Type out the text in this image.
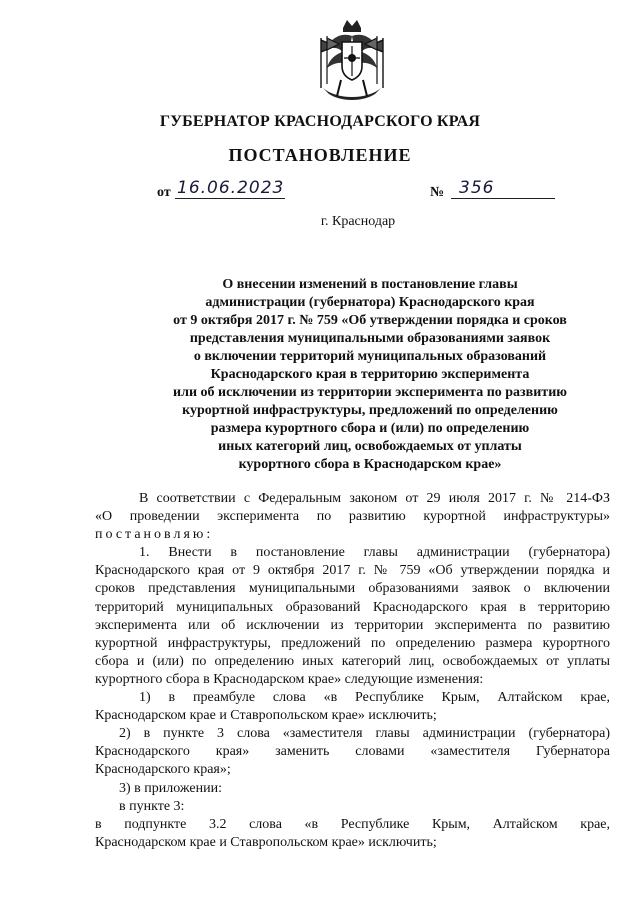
ГУБЕРНАТОР КРАСНОДАРСКОГО КРАЯ
ПОСТАНОВЛЕНИЕ
от 16.06.2023	№ 356
г. Краснодар
О внесении изменений в постановление главы
администрации (губернатора) Краснодарского края
от 9 октября 2017 г. № 759 «Об утверждении порядка и сроков
представления муниципальными образованиями заявок
о включении территорий муниципальных образований
Краснодарского края в территорию эксперимента
или об исключении из территории эксперимента по развитию
курортной инфраструктуры, предложений по определению
размера курортного сбора и (или) по определению
иных категорий лиц, освобождаемых от уплаты
курортного сбора в Краснодарском крае»
В соответствии с Федеральным законом от 29 июля 2017 г. № 214-ФЗ
«О проведении эксперимента по развитию курортной инфраструктуры»
постановляю:
1. Внести в постановление главы администрации (губернатора)
Краснодарского края от 9 октября 2017 г. № 759 «Об утверждении порядка и
сроков представления муниципальными образованиями заявок о включении
территорий муниципальных образований Краснодарского края в территорию
эксперимента или об исключении из территории эксперимента по развитию
курортной инфраструктуры, предложений по определению размера курортного
сбора и (или) по определению иных категорий лиц, освобождаемых от уплаты
курортного сбора в Краснодарском крае» следующие изменения:
1) в преамбуле слова «в Республике Крым, Алтайском крае,
Краснодарском крае и Ставропольском крае» исключить;
2) в пункте 3 слова «заместителя главы администрации (губернатора)
Краснодарского края» заменить словами «заместителя Губернатора
Краснодарского края»;
3) в приложении:
в пункте 3:
в подпункте 3.2 слова «в Республике Крым, Алтайском крае,
Краснодарском крае и Ставропольском крае» исключить;
